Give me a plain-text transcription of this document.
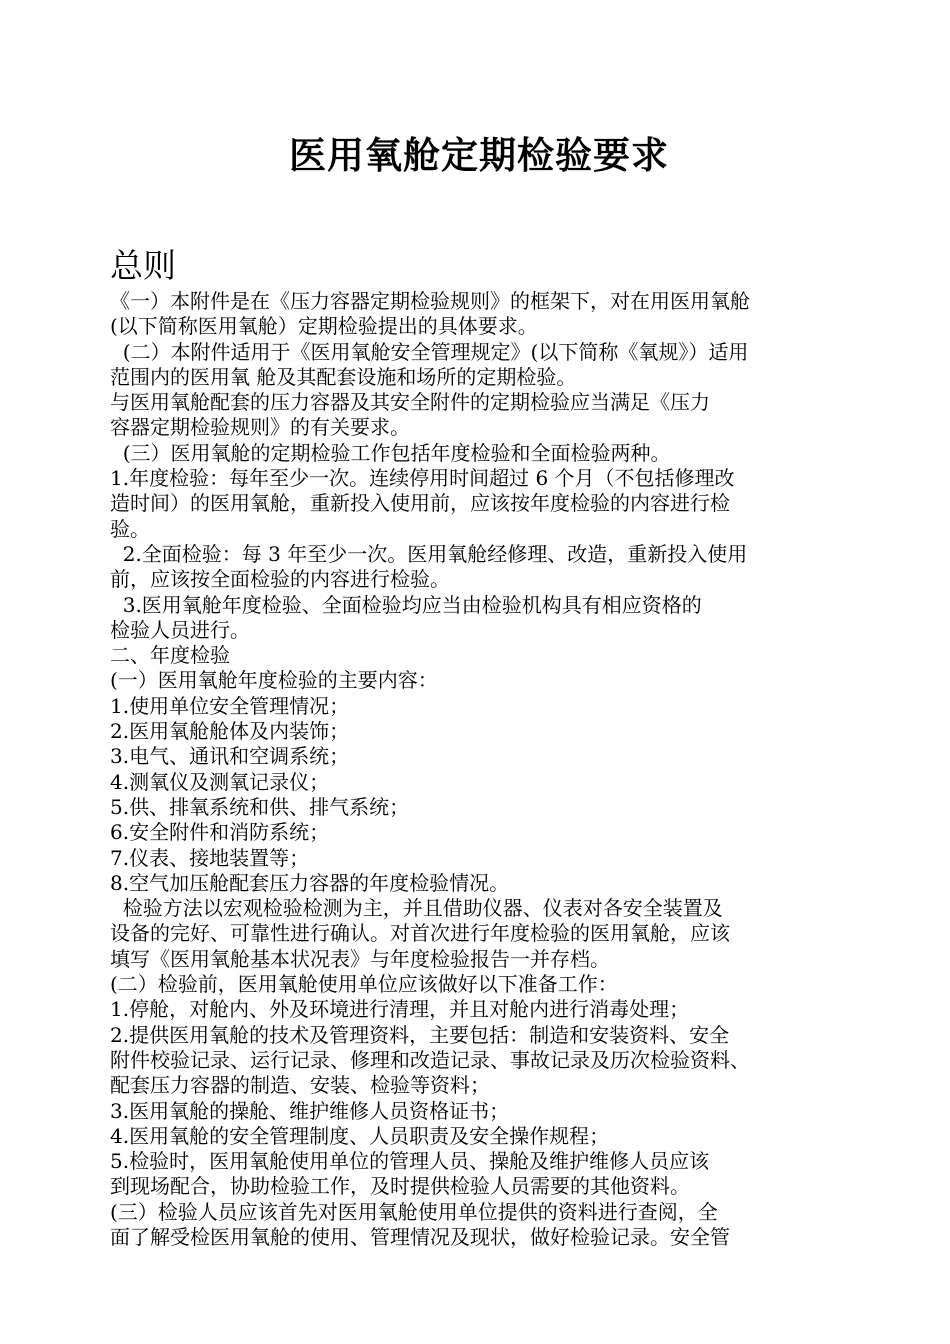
医用氧舱定期检验要求
总则
《一）本附件是在《压力容器定期检验规则》的框架下，对在用医用氧舱
(以下简称医用氧舱）定期检验提出的具体要求。
(二）本附件适用于《医用氧舱安全管理规定》(以下简称《氧规》）适用
范围内的医用氧 舱及其配套设施和场所的定期检验。
与医用氧舱配套的压力容器及其安全附件的定期检验应当满足《压力
容器定期检验规则》的有关要求。
(三）医用氧舱的定期检验工作包括年度检验和全面检验两种。
1.年度检验：每年至少一次。连续停用时间超过 6 个月（不包括修理改
造时间）的医用氧舱，重新投入使用前，应该按年度检验的内容进行检
验。
2.全面检验：每 3 年至少一次。医用氧舱经修理、改造，重新投入使用
前，应该按全面检验的内容进行检验。
3.医用氧舱年度检验、全面检验均应当由检验机构具有相应资格的
检验人员进行。
二、年度检验
(一）医用氧舱年度检验的主要内容：
1.使用单位安全管理情况；
2.医用氧舱舱体及内装饰；
3.电气、通讯和空调系统；
4.测氧仪及测氧记录仪；
5.供、排氧系统和供、排气系统；
6.安全附件和消防系统；
7.仪表、接地装置等；
8.空气加压舱配套压力容器的年度检验情况。
检验方法以宏观检验检测为主，并且借助仪器、仪表对各安全装置及
设备的完好、可靠性进行确认。对首次进行年度检验的医用氧舱，应该
填写《医用氧舱基本状况表》与年度检验报告一并存档。
(二）检验前，医用氧舱使用单位应该做好以下准备工作：
1.停舱，对舱内、外及环境进行清理，并且对舱内进行消毒处理；
2.提供医用氧舱的技术及管理资料，主要包括：制造和安装资料、安全
附件校验记录、运行记录、修理和改造记录、事故记录及历次检验资料、
配套压力容器的制造、安装、检验等资料；
3.医用氧舱的操舱、维护维修人员资格证书；
4.医用氧舱的安全管理制度、人员职责及安全操作规程；
5.检验时，医用氧舱使用单位的管理人员、操舱及维护维修人员应该
到现场配合，协助检验工作，及时提供检验人员需要的其他资料。
(三）检验人员应该首先对医用氧舱使用单位提供的资料进行查阅，全
面了解受检医用氧舱的使用、管理情况及现状，做好检验记录。安全管
